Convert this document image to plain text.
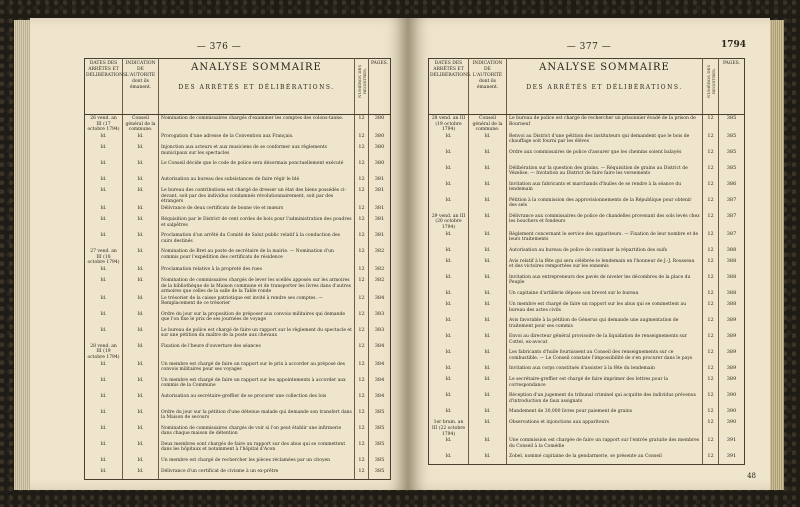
— 376 —
DATES DES ARRÊTÉS ET DÉLIBÉRATIONS.	INDICATION DE L'AUTORITÉ dont ils émanent.	ANALYSE SOMMAIRE
DES ARRÊTÉS ET DÉLIBÉRATIONS.	NUMÉROS DES REGISTRES.	PAGES.

26 vend. an III (17 octobre 1794)	Conseil général de la commune.	Nomination de commissaires chargés d'examiner les comptes des colons-tanne.	12	380
Id.	Id.	Prorogation d'une adresse de la Convention aux Français.	12	380
Id.	Id.	Injonction aux acteurs et aux musiciens de se conformer aux règlements municipaux sur les spectacles	12	380
Id.	Id.	Le Conseil décide que le code de police sera désormais ponctuellement exécuté	12	380
Id.	Id.	Autorisation au bureau des subsistances de faire régir le blé	12	381
Id.	Id.	Le bureau des contributions est chargé de dresser un état des biens possédés ci-devant, soit par des individus condamnés révolutionnairement, soit par des étrangers	12	381
Id.	Id.	Délivrance de deux certificats de bonne vie et mœurs	12	381
Id.	Id.	Réquisition par le District de cent cordes de bois pour l'administration des poudres et salpêtres	12	381
Id.	Id.	Proclamation d'un arrêté du Comité de Salut public relatif à la conduction des cuirs destinés	12	381
27 vend. an III (18 octobre 1794)	Id.	Nomination de Bret au poste de secrétaire de la mairie. — Nomination d'un commis pour l'expédition des certificats de résidence	12	382
Id.	Id.	Proclamation relative à la propreté des rues	12	382
Id.	Id.	Nomination de commissaires chargés de lever les scellés apposés sur les armoires de la bibliothèque de la Maison commune et de transporter les livres dans d'autres armoires que celles de la salle de la Table ronde	12	382
Id.	Id.	Le trésorier de la caisse patriotique est invité à rendre ses comptes. — Remplacement de ce trésorier	12	384
Id.	Id.	Ordre du jour sur la proposition de préposer aux convois militaires qui demande que l'on fixe le prix de ses journées de voyage	12	383
Id.	Id.	Le bureau de police est chargé de faire un rapport sur le règlement du spectacle et sur une pétition du maître de la poste aux chevaux	12	383
28 vend. an III (19 octobre 1794)	Id.	Fixation de l'heure d'ouverture des séances	12	384
Id.	Id.	Un membre est chargé de faire un rapport sur le prix à accorder au préposé des convois militaires pour ses voyages	12	384
Id.	Id.	Un membre est chargé de faire un rapport sur les appointements à accorder aux commis de la Commune	12	384
Id.	Id.	Autorisation au secrétaire-greffier de se procurer une collection des lois	12	384
Id.	Id.	Ordre du jour sur la pétition d'une détenue malade qui demande son transfert dans la Maison de secours	12	385
Id.	Id.	Nomination de commissaires chargés de voir si l'on peut établir une infirmerie dans chaque maison de détention	12	385
Id.	Id.	Deux membres sont chargés de faire un rapport sur des abus qui se commettent dans les hôpitaux et notamment à l'hôpital d'Acon	12	385
Id.	Id.	Un membre est chargé de rechercher les pièces réclamées par un citoyen	12	385
Id.	Id.	Délivrance d'un certificat de civisme à un ex-prêtre	12	385
— 377 —	1794
DATES DES ARRÊTÉS ET DÉLIBÉRATIONS.	INDICATION DE L'AUTORITÉ dont ils émanent.	ANALYSE SOMMAIRE
DES ARRÊTÉS ET DÉLIBÉRATIONS.	NUMÉROS DES REGISTRES.	PAGES.

28 vend. an III (19 octobre 1794)	Conseil général de la commune.	Le bureau de police est chargé de rechercher un prisonnier évadé de la prison de Bourneuf	12	385
Id.	Id.	Renvoi au District d'une pétition des instituteurs qui demandent que le bois de chauffage soit fourni par les élèves	12	385
Id.	Id.	Ordre aux commissaires de police d'assurer que les chemins soient balayés	12	385
Id.	Id.	Délibération sur la question des grains. — Réquisition de grains au District de Vézelise. — Invitation au District de faire faire les versements	12	385
Id.	Id.	Invitation aux fabricants et marchands d'huiles de se rendre à la séance du lendemain	12	386
Id.	Id.	Pétition à la commission des approvisionnements de la République pour obtenir des sels	12	387
29 vend. an III (20 octobre 1794)	Id.	Délivrance aux commissaires de police de chandelles provenant des sols levés chez les bouchers et fondeurs	12	387
Id.	Id.	Règlement concernant le service des appariteurs. — Fixation de leur nombre et de leurs traitements	12	387
Id.	Id.	Autorisation au bureau de police de continuer la répartition des suifs	12	388
Id.	Id.	Avis relatif à la fête qui sera célébrée le lendemain en l'honneur de J.-J. Rousseau et des victoires remportées sur les ennemis	12	388
Id.	Id.	Invitation aux entrepreneurs des pavés de niveler les décombres de la place du Peuple	12	388
Id.	Id.	Un capitaine d'artillerie dépose son brevet sur le bureau	12	388
Id.	Id.	Un membre est chargé de faire un rapport sur les abus qui se commettent au bureau des actes civils	12	388
Id.	Id.	Avis favorable à la pétition de Génerus qui demande une augmentation de traitement pour ses commis	12	389
Id.	Id.	Envoi au directeur général provisoire de la liquidation de renseignements sur Cottel, ex-avocat	12	389
Id.	Id.	Les fabricants d'huile fournissent au Conseil des renseignements sur ce combustible. — Le Conseil constate l'impossibilité de s'en procurer dans le pays	12	389
Id.	Id.	Invitation aux corps constitués d'assister à la fête du lendemain	12	389
Id.	Id.	Le secrétaire-greffier est chargé de faire imprimer des lettres pour la correspondance	12	389
Id.	Id.	Réception d'un jugement du tribunal criminel qui acquitte des individus prévenus d'introduction de faux assignats	12	390
Id.	Id.	Mandement de 30,000 livres pour paiement de grains	12	390
1er brum. an III (22 octobre 1794)	Id.	Observations et injonctions aux appariteurs	12	390
Id.	Id.	Une commission est chargée de faire un rapport sur l'entrée gratuite des membres du Conseil à la Comédie	12	391
Id.	Id.	Zobel, nommé capitaine de la gendarmerie, se présente au Conseil	12	391
48
